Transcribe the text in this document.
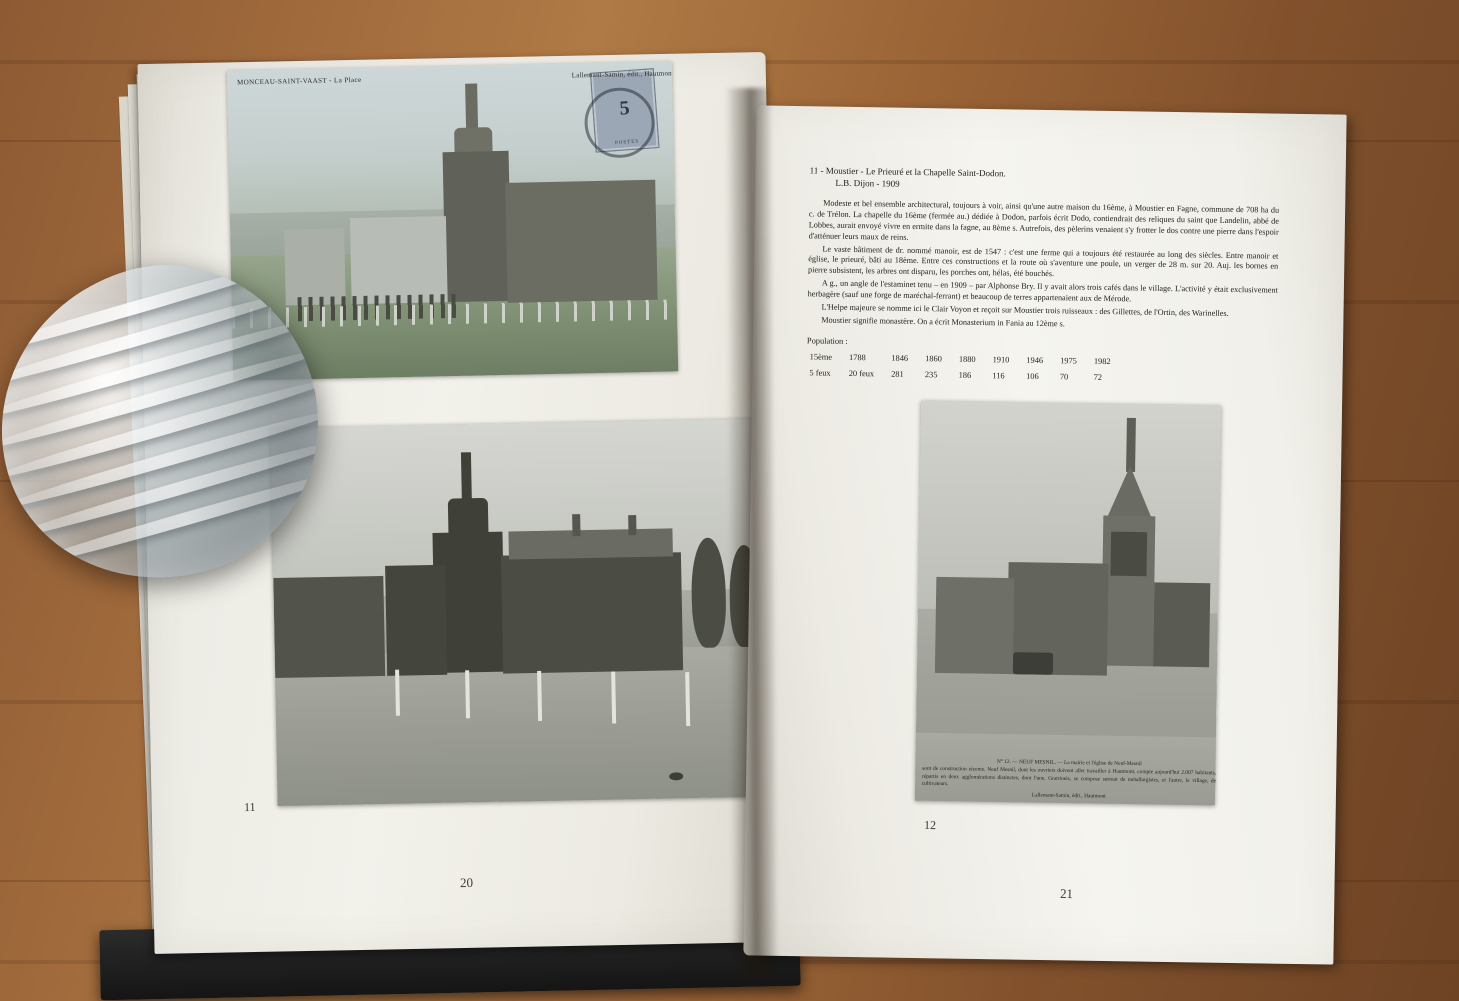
5
POSTES
MONCEAU-SAINT-VAAST - La Place
Lallemant-Samin, édit., Hautmont
11
20
11 - Moustier - Le Prieuré et la Chapelle Saint-Dodon.
L.B. Dijon - 1909

Modeste et bel ensemble architectural, toujours à voir, ainsi qu'une autre maison du 16ème, à Moustier en Fagne, commune de 708 ha du c. de Trélon. La chapelle du 16ème (fermée au.) dédiée à Dodon, parfois écrit Dodo, contiendrait des reliques du saint que Landelin, abbé de Lobbes, aurait envoyé vivre en ermite dans la fagne, au 8ème s. Autrefois, des pèlerins venaient s'y frotter le dos contre une pierre dans l'espoir d'atténuer leurs maux de reins.

Le vaste bâtiment de dr. nommé manoir, est de 1547 : c'est une ferme qui a toujours été restaurée au long des siècles. Entre manoir et église, le prieuré, bâti au 18ème. Entre ces constructions et la route où s'aventure une poule, un verger de 28 m. sur 20. Auj. les bornes en pierre subsistent, les arbres ont disparu, les porches ont, hélas, été bouchés.

A g., un angle de l'estaminet tenu – en 1909 – par Alphonse Bry. Il y avait alors trois cafés dans le village. L'activité y était exclusivement herbagère (sauf une forge de maréchal-ferrant) et beaucoup de terres appartenaient aux de Mérode.

L'Helpe majeure se nomme ici le Clair Voyon et reçoit sur Moustier trois ruisseaux : des Gillettes, de l'Ortin, des Warinelles.

Moustier signifie monastère. On a écrit Monasterium in Fania au 12ème s.

Population :
15ème	1788	1846	1860	1880	1910	1946	1975	1982
5 feux	20 feux	281	235	186	116	106	70	72
N° 12. — NEUF MESNIL. — La mairie et l'église de Neuf-Mesnil
sont de construction récente. Neuf Mesnil, dont les ouvriers doivent aller travailler à Hautmont, compte aujourd'hui 2.007 habitants, répartis en deux agglomérations distinctes, dont l'une, Gratrioeis, se compose surtout de métallurgistes, et l'autre, le village, de cultivateurs.
Lallemant-Samin, édit., Hautmont
12
21
